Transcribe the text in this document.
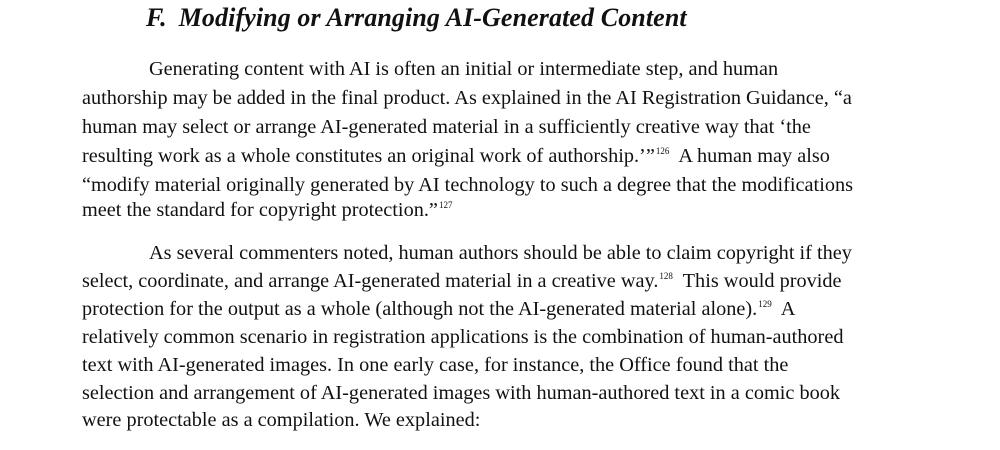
F. Modifying or Arranging AI-Generated Content

Generating content with AI is often an initial or intermediate step, and human

authorship may be added in the final product. As explained in the AI Registration Guidance, “a

human may select or arrange AI-generated material in a sufficiently creative way that ‘the

resulting work as a whole constitutes an original work of authorship.’”$^{126}$  A human may also

“modify material originally generated by AI technology to such a degree that the modifications

meet the standard for copyright protection.”$^{127}$

As several commenters noted, human authors should be able to claim copyright if they

select, coordinate, and arrange AI-generated material in a creative way.$^{128}$  This would provide

protection for the output as a whole (although not the AI-generated material alone).$^{129}$  A

relatively common scenario in registration applications is the combination of human-authored

text with AI-generated images. In one early case, for instance, the Office found that the

selection and arrangement of AI-generated images with human-authored text in a comic book

were protectable as a compilation. We explained:
